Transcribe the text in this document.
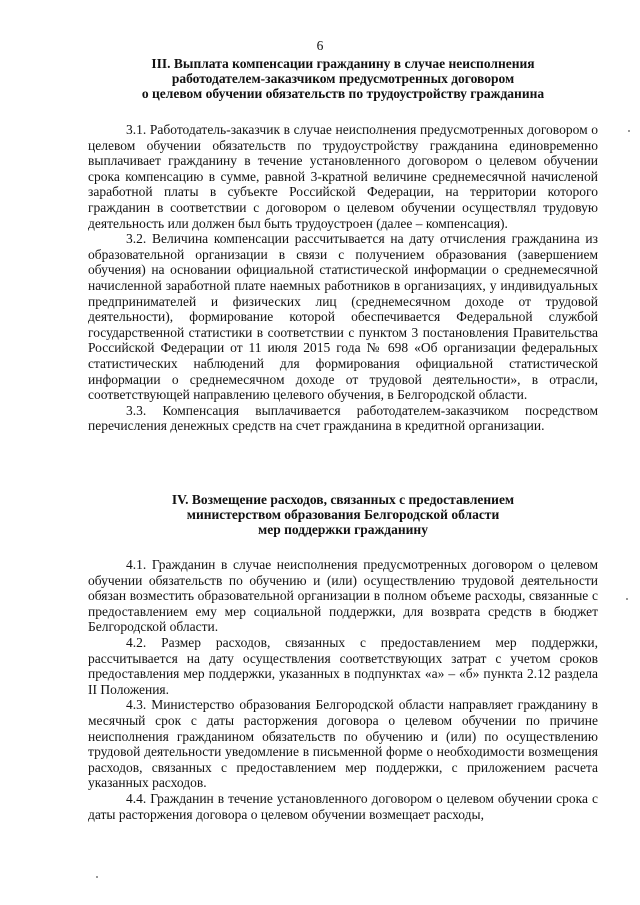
6
III. Выплата компенсации гражданину в случае неисполнения
работодателем-заказчиком предусмотренных договором
о целевом обучении обязательств по трудоустройству гражданина

3.1. Работодатель-заказчик в случае неисполнения предусмотренных договором о целевом обучении обязательств по трудоустройству гражданина единовременно выплачивает гражданину в течение установленного договором о целевом обучении срока компенсацию в сумме, равной 3-кратной величине среднемесячной начисленой заработной платы в субъекте Российской Федерации, на территории которого гражданин в соответствии с договором о целевом обучении осуществлял трудовую деятельность или должен был быть трудоустроен (далее – компенсация).

3.2. Величина компенсации рассчитывается на дату отчисления гражданина из образовательной организации в связи с получением образования (завершением обучения) на основании официальной статистической информации о среднемесячной начисленной заработной плате наемных работников в организациях, у индивидуальных предпринимателей и физических лиц (среднемесячном доходе от трудовой деятельности), формирование которой обеспечивается Федеральной службой государственной статистики в соответствии с пунктом 3 постановления Правительства Российской Федерации от 11 июля 2015 года № 698 «Об организации федеральных статистических наблюдений для формирования официальной статистической информации о среднемесячном доходе от трудовой деятельности», в отрасли, соответствующей направлению целевого обучения, в Белгородской области.

3.3. Компенсация выплачивается работодателем-заказчиком посредством перечисления денежных средств на счет гражданина в кредитной организации.

IV. Возмещение расходов, связанных с предоставлением
министерством образования Белгородской области
мер поддержки гражданину

4.1. Гражданин в случае неисполнения предусмотренных договором о целевом обучении обязательств по обучению и (или) осуществлению трудовой деятельности обязан возместить образовательной организации в полном объеме расходы, связанные с предоставлением ему мер социальной поддержки, для возврата средств в бюджет Белгородской области.

4.2. Размер расходов, связанных с предоставлением мер поддержки, рассчитывается на дату осуществления соответствующих затрат с учетом сроков предоставления мер поддержки, указанных в подпунктах «а» – «б» пункта 2.12 раздела II Положения.

4.3. Министерство образования Белгородской области направляет гражданину в месячный срок с даты расторжения договора о целевом обучении по причине неисполнения гражданином обязательств по обучению и (или) по осуществлению трудовой деятельности уведомление в письменной форме о необходимости возмещения расходов, связанных с предоставлением мер поддержки, с приложением расчета указанных расходов.

4.4. Гражданин в течение установленного договором о целевом обучении срока с даты расторжения договора о целевом обучении возмещает расходы,
